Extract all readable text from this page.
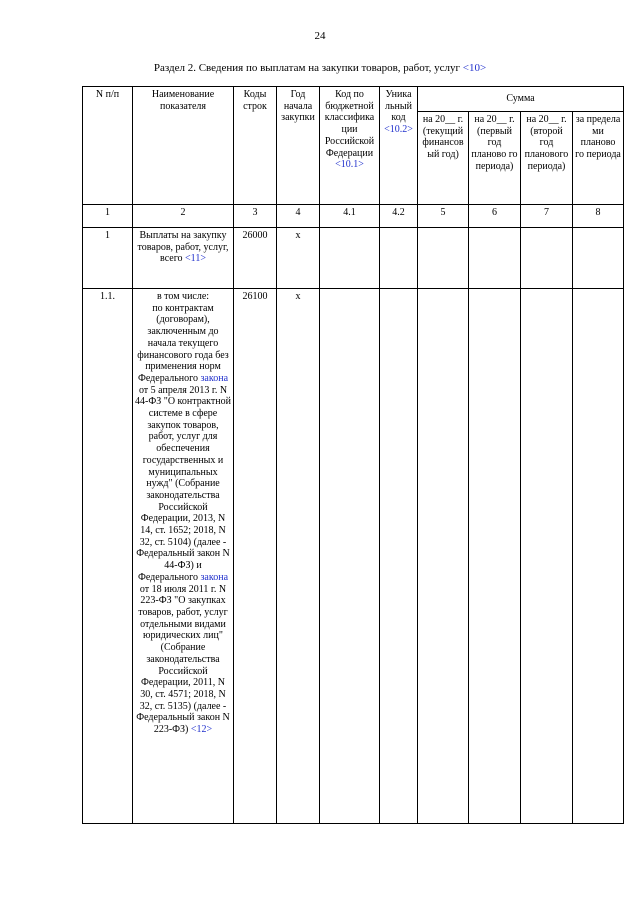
24
Раздел 2. Сведения по выплатам на закупки товаров, работ, услуг <10>
N п/п	Наименование показателя	Коды строк	Год начала закупки	Код по бюджетной классифика ции Российской Федерации <10.1>	Уника льный код <10.2>	Сумма			
						на 20__ г. (текущий финансов ый год)	на 20__ г. (первый год планово го периода)	на 20__ г. (второй год планового периода)	за предела ми планово го периода
1	2	3	4	4.1	4.2	5	6	7	8
1	Выплаты на закупку товаров, работ, услуг, всего <11>	26000	x						
1.1.	в том числе:
по контрактам (договорам), заключенным до начала текущего финансового года без применения норм Федерального закона от 5 апреля 2013 г. N 44-ФЗ "О контрактной системе в сфере закупок товаров, работ, услуг для обеспечения государственных и муниципальных нужд" (Собрание законодательства Российской Федерации, 2013, N 14, ст. 1652; 2018, N 32, ст. 5104) (далее - Федеральный закон N 44-ФЗ) и Федерального закона от 18 июля 2011 г. N 223-ФЗ "О закупках товаров, работ, услуг отдельными видами юридических лиц" (Собрание законодательства Российской Федерации, 2011, N 30, ст. 4571; 2018, N 32, ст. 5135) (далее - Федеральный закон N 223-ФЗ) <12>	26100	x						
